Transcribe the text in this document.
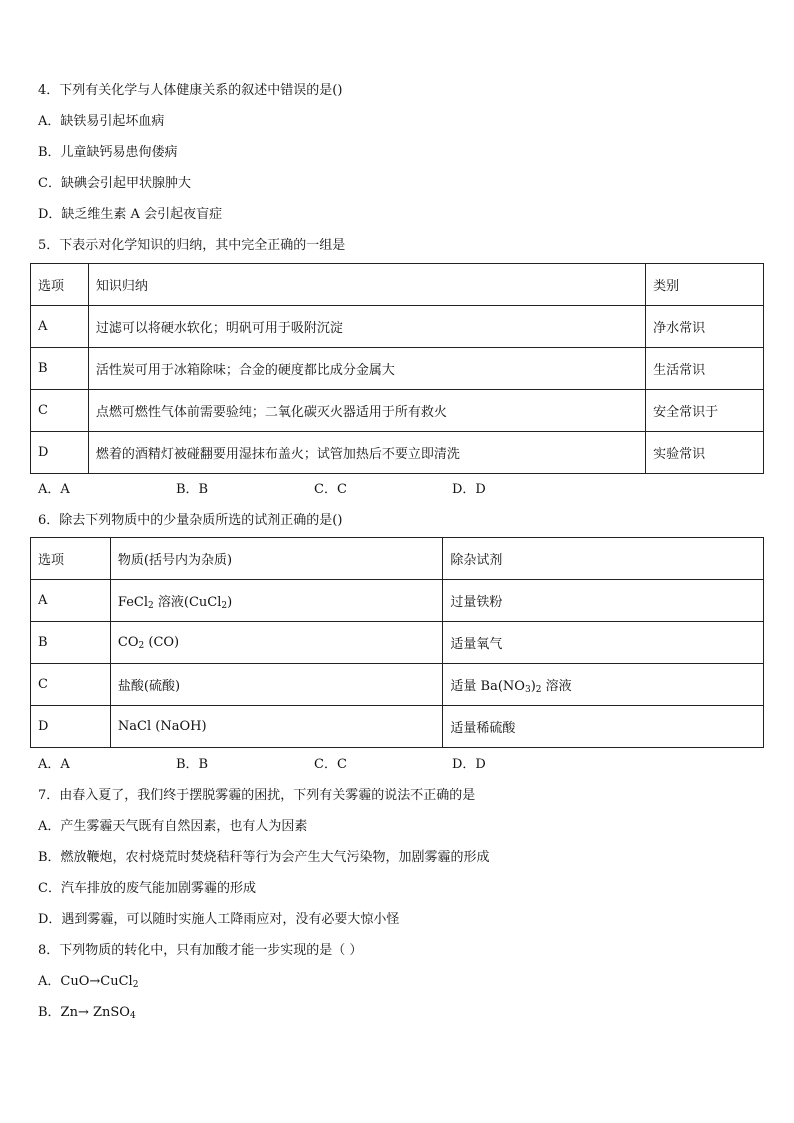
4．下列有关化学与人体健康关系的叙述中错误的是()
A．缺铁易引起坏血病
B．儿童缺钙易患佝偻病
C．缺碘会引起甲状腺肿大
D．缺乏维生素 A 会引起夜盲症
5．下表示对化学知识的归纳，其中完全正确的一组是
选项	知识归纳	类别
A	过滤可以将硬水软化；明矾可用于吸附沉淀	净水常识
B	活性炭可用于冰箱除味；合金的硬度都比成分金属大	生活常识
C	点燃可燃性气体前需要验纯；二氧化碳灭火器适用于所有救火	安全常识于
D	燃着的酒精灯被碰翻要用湿抹布盖火；试管加热后不要立即清洗	实验常识
A．A	B．B	C．C	D．D
6．除去下列物质中的少量杂质所选的试剂正确的是()
选项	物质(括号内为杂质)	除杂试剂
A	FeCl$_2$ 溶液(CuCl$_2$)	过量铁粉
B	$CO_2$ (CO)	适量氧气
C	盐酸(硫酸)	适量 $Ba(NO_3)_2$ 溶液
D	NaCl (NaOH)	适量稀硫酸
A．A	B．B	C．C	D．D
7．由春入夏了，我们终于摆脱雾霾的困扰，下列有关雾霾的说法不正确的是
A．产生雾霾天气既有自然因素，也有人为因素
B．燃放鞭炮，农村烧荒时焚烧秸秆等行为会产生大气污染物，加剧雾霾的形成
C．汽车排放的废气能加剧雾霾的形成
D．遇到雾霾，可以随时实施人工降雨应对，没有必要大惊小怪
8．下列物质的转化中，只有加酸才能一步实现的是（ ）
A．CuO→CuCl$_2$
B．Zn→ ZnSO$_4$
